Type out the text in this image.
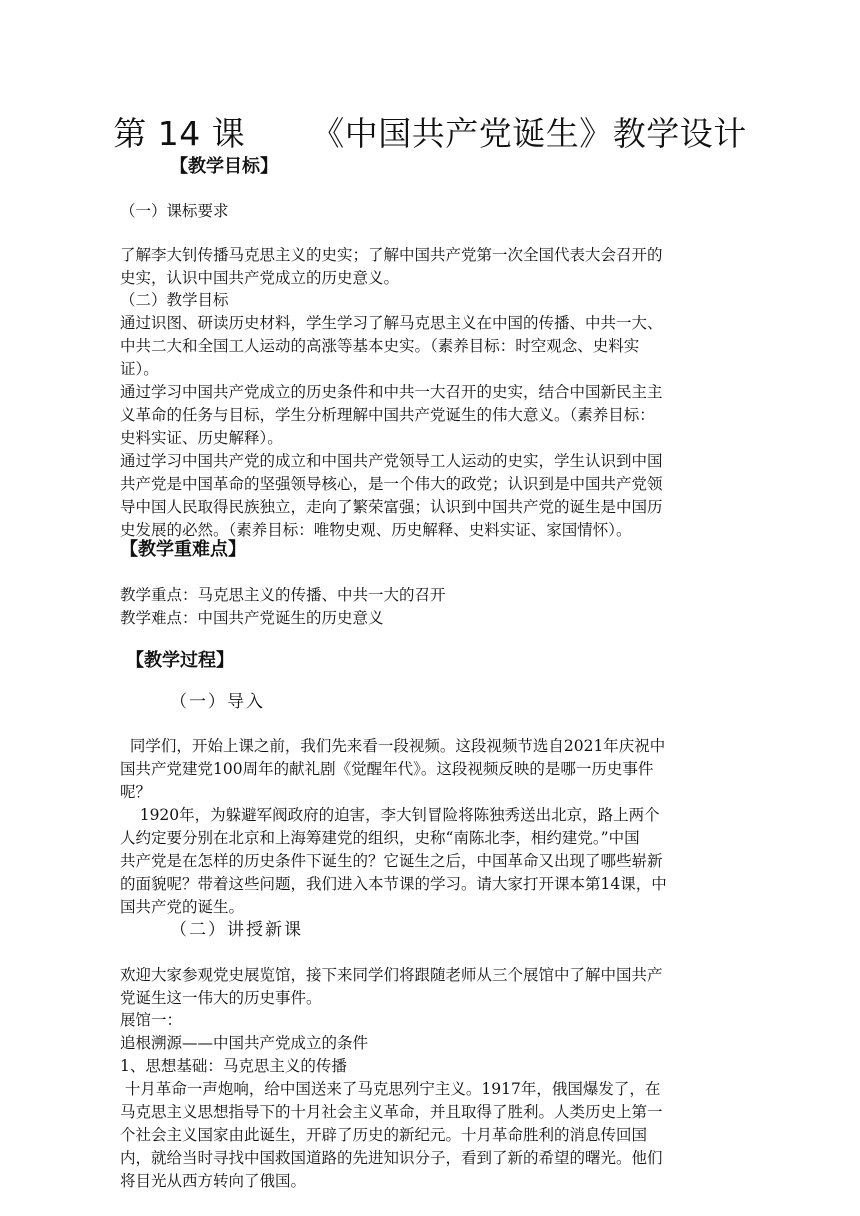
第 14 课      《中国共产党诞生》教学设计
【教学目标】
（一）课标要求
了解李大钊传播马克思主义的史实；了解中国共产党第一次全国代表大会召开的
史实，认识中国共产党成立的历史意义。
（二）教学目标
通过识图、研读历史材料，学生学习了解马克思主义在中国的传播、中共一大、
中共二大和全国工人运动的高涨等基本史实。（素养目标：时空观念、史料实
证）。
通过学习中国共产党成立的历史条件和中共一大召开的史实，结合中国新民主主
义革命的任务与目标，学生分析理解中国共产党诞生的伟大意义。（素养目标：
史料实证、历史解释）。
通过学习中国共产党的成立和中国共产党领导工人运动的史实，学生认识到中国
共产党是中国革命的坚强领导核心，是一个伟大的政党；认识到是中国共产党领
导中国人民取得民族独立，走向了繁荣富强；认识到中国共产党的诞生是中国历
史发展的必然。（素养目标：唯物史观、历史解释、史料实证、家国情怀）。
【教学重难点】
教学重点：马克思主义的传播、中共一大的召开
教学难点：中国共产党诞生的历史意义
【教学过程】
（一）导入
同学们，开始上课之前，我们先来看一段视频。这段视频节选自2021年庆祝中
国共产党建党100周年的献礼剧《觉醒年代》。这段视频反映的是哪一历史事件
呢？
1920年，为躲避军阀政府的迫害，李大钊冒险将陈独秀送出北京，路上两个
人约定要分别在北京和上海筹建党的组织，史称“南陈北李，相约建党。”中国
共产党是在怎样的历史条件下诞生的？它诞生之后，中国革命又出现了哪些崭新
的面貌呢？带着这些问题，我们进入本节课的学习。请大家打开课本第14课，中
国共产党的诞生。
（二）讲授新课
欢迎大家参观党史展览馆，接下来同学们将跟随老师从三个展馆中了解中国共产
党诞生这一伟大的历史事件。
展馆一：
追根溯源——中国共产党成立的条件
1、思想基础：马克思主义的传播
十月革命一声炮响，给中国送来了马克思列宁主义。1917年，俄国爆发了，在
马克思主义思想指导下的十月社会主义革命，并且取得了胜利。人类历史上第一
个社会主义国家由此诞生，开辟了历史的新纪元。十月革命胜利的消息传回国
内，就给当时寻找中国救国道路的先进知识分子，看到了新的希望的曙光。他们
将目光从西方转向了俄国。
